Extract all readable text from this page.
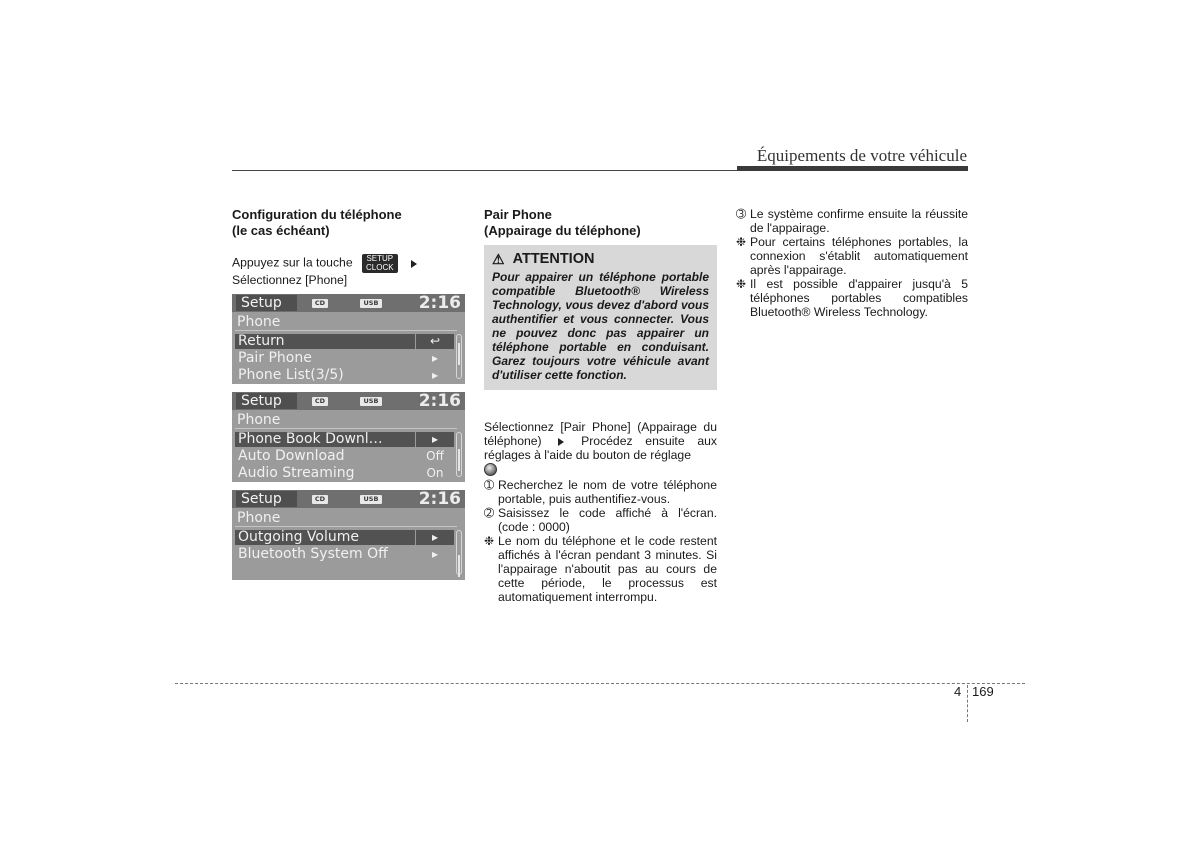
Équipements de votre véhicule
Configuration du téléphone
(le cas échéant)
Appuyez sur la touche SETUP
CLOCK
Sélectionnez [Phone]
Setup	CD	USB 2:16
Phone
Return	↩
Pair Phone	▸
Phone List(3/5)	▸
Setup	CD	USB 2:16
Phone
Phone Book Downl…	▸
Auto Download	Off
Audio Streaming	On
Setup	CD	USB 2:16
Phone
Outgoing Volume	▸
Bluetooth System Off	▸
Pair Phone
(Appairage du téléphone)
⚠ ATTENTION
Pour appairer un téléphone portable compatible Bluetooth® Wireless Technology, vous devez d'abord vous authentifier et vous connecter. Vous ne pouvez donc pas appairer un téléphone portable en conduisant. Garez toujours votre véhicule avant d'utiliser cette fonction.
Sélectionnez [Pair Phone] (Appairage du téléphone)	Procédez ensuite aux réglages à l'aide du bouton de réglage

➀ Recherchez le nom de votre téléphone portable, puis authentifiez-vous.
➁ Saisissez le code affiché à l'écran. (code : 0000)
❉ Le nom du téléphone et le code restent affichés à l'écran pendant 3 minutes. Si l'appairage n'aboutit pas au cours de cette période, le processus est automatiquement interrompu.
➂ Le système confirme ensuite la réussite de l'appairage.
❉ Pour certains téléphones portables, la connexion s'établit automatiquement après l'appairage.
❉ Il est possible d'appairer jusqu'à 5 téléphones portables compatibles Bluetooth® Wireless Technology.
4 169
